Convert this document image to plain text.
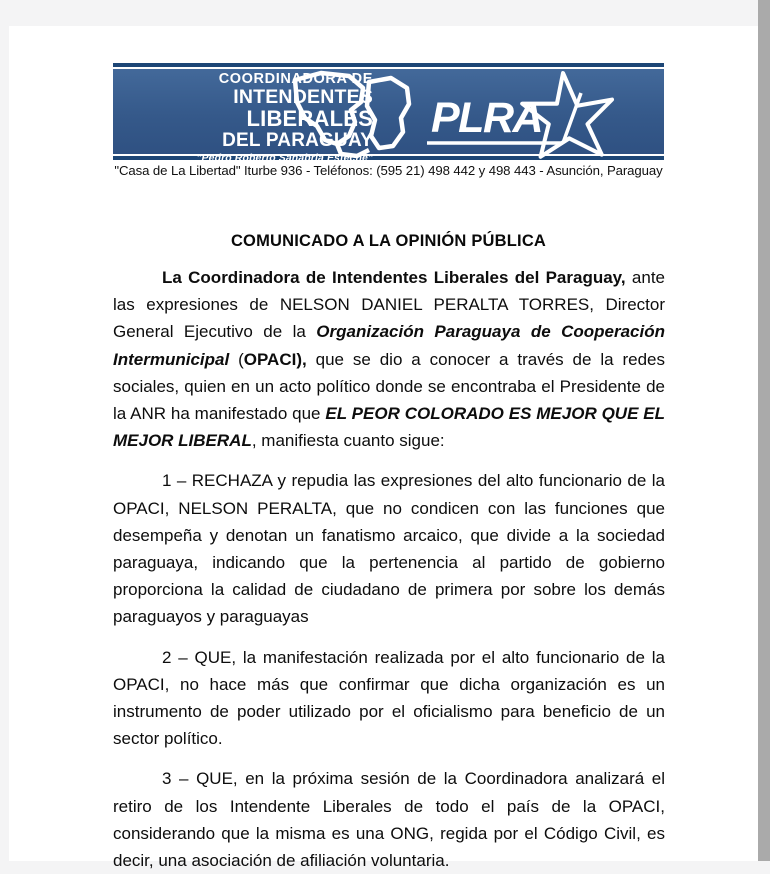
COORDINADORA DE
INTENDENTES
LIBERALES
DEL PARAGUAY
"Pedro Roberto Sanabria Esteche"
PLRA
"Casa de La Libertad" Iturbe 936 - Teléfonos: (595 21) 498 442 y 498 443 - Asunción, Paraguay
COMUNICADO A LA OPINIÓN PÚBLICA

La Coordinadora de Intendentes Liberales del Paraguay, ante las expresiones de NELSON DANIEL PERALTA TORRES, Director General Ejecutivo de la Organización Paraguaya de Cooperación Intermunicipal (OPACI), que se dio a conocer a través de la redes sociales, quien en un acto político donde se encontraba el Presidente de la ANR ha manifestado que EL PEOR COLORADO ES MEJOR QUE EL MEJOR LIBERAL, manifiesta cuanto sigue:

1 – RECHAZA y repudia las expresiones del alto funcionario de la OPACI, NELSON PERALTA, que no condicen con las funciones que desempeña y denotan un fanatismo arcaico, que divide a la sociedad paraguaya, indicando que la pertenencia al partido de gobierno proporciona la calidad de ciudadano de primera por sobre los demás paraguayos y paraguayas

2 – QUE, la manifestación realizada por el alto funcionario de la OPACI, no hace más que confirmar que dicha organización es un instrumento de poder utilizado por el oficialismo para beneficio de un sector político.

3 – QUE, en la próxima sesión de la Coordinadora analizará el retiro de los Intendente Liberales de todo el país de la OPACI, considerando que la misma es una ONG, regida por el Código Civil, es decir, una asociación de afiliación voluntaria.
